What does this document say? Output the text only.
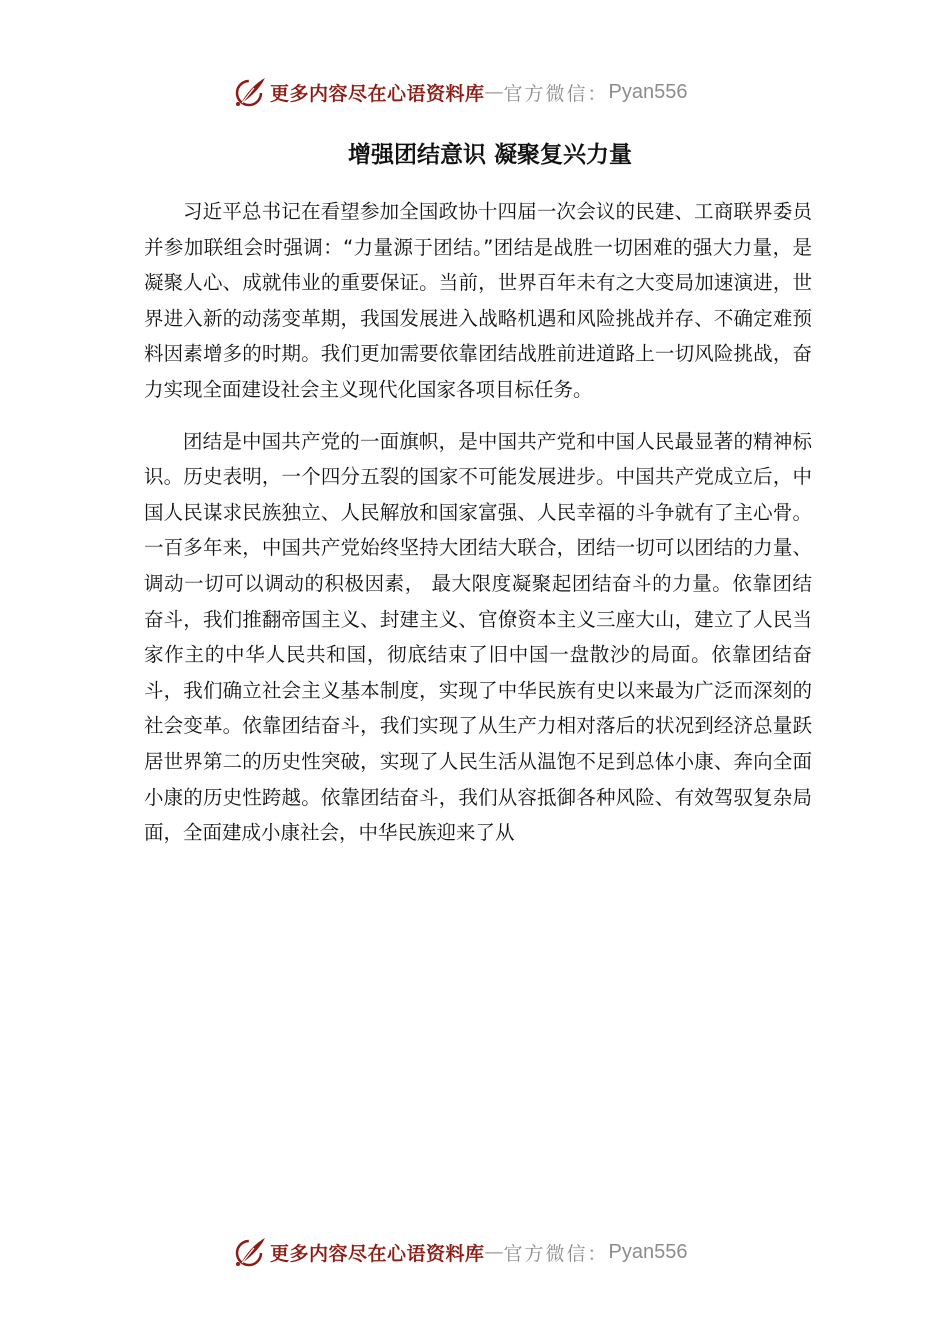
更多内容尽在心语资料库 — 官方微信： Pyan556
增强团结意识 凝聚复兴力量

习近平总书记在看望参加全国政协十四届一次会议的民建、工商联界委员并参加联组会时强调：“力量源于团结。”团结是战胜一切困难的强大力量，是凝聚人心、成就伟业的重要保证。当前，世界百年未有之大变局加速演进，世界进入新的动荡变革期，我国发展进入战略机遇和风险挑战并存、不确定难预料因素增多的时期。我们更加需要依靠团结战胜前进道路上一切风险挑战，奋力实现全面建设社会主义现代化国家各项目标任务。

团结是中国共产党的一面旗帜，是中国共产党和中国人民最显著的精神标识。历史表明，一个四分五裂的国家不可能发展进步。中国共产党成立后，中国人民谋求民族独立、人民解放和国家富强、人民幸福的斗争就有了主心骨。一百多年来，中国共产党始终坚持大团结大联合，团结一切可以团结的力量、调动一切可以调动的积极因素， 最大限度凝聚起团结奋斗的力量。依靠团结奋斗，我们推翻帝国主义、封建主义、官僚资本主义三座大山，建立了人民当家作主的中华人民共和国，彻底结束了旧中国一盘散沙的局面。依靠团结奋斗，我们确立社会主义基本制度，实现了中华民族有史以来最为广泛而深刻的社会变革。依靠团结奋斗，我们实现了从生产力相对落后的状况到经济总量跃居世界第二的历史性突破，实现了人民生活从温饱不足到总体小康、奔向全面小康的历史性跨越。依靠团结奋斗，我们从容抵御各种风险、有效驾驭复杂局面，全面建成小康社会，中华民族迎来了从

更多内容尽在心语资料库 — 官方微信： Pyan556
